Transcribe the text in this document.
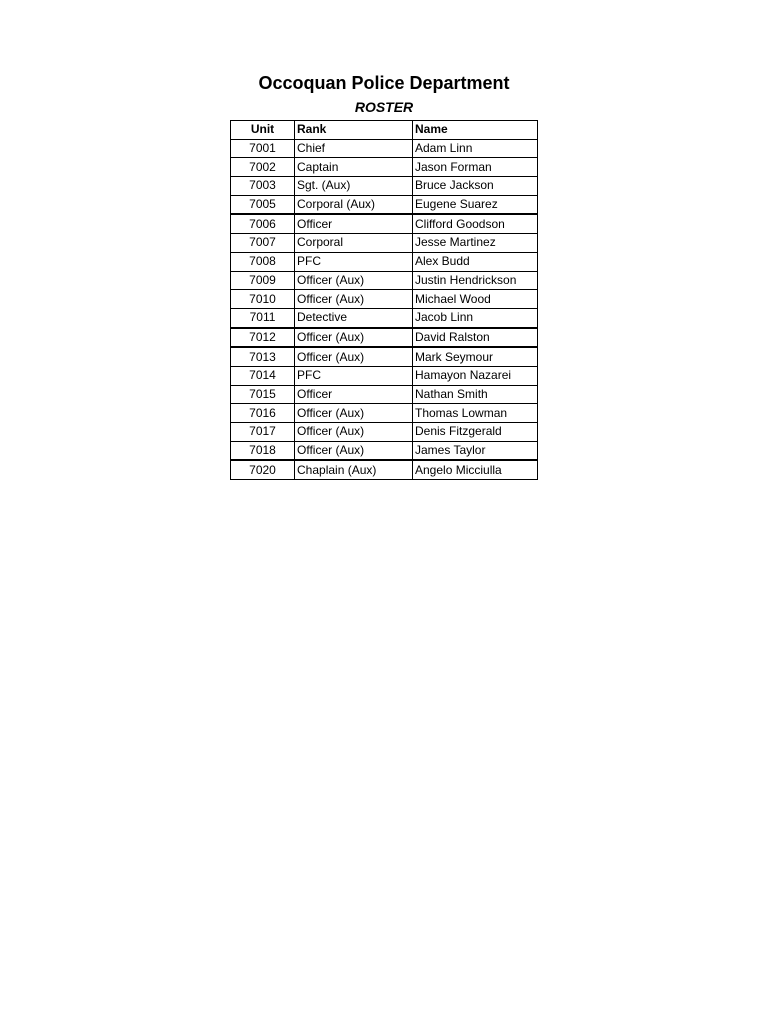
Occoquan Police Department
ROSTER
Unit	Rank	Name
7001	Chief	Adam Linn
7002	Captain	Jason Forman
7003	Sgt. (Aux)	Bruce Jackson
7005	Corporal (Aux)	Eugene Suarez
7006	Officer	Clifford Goodson
7007	Corporal	Jesse Martinez
7008	PFC	Alex Budd
7009	Officer (Aux)	Justin Hendrickson
7010	Officer (Aux)	Michael Wood
7011	Detective	Jacob Linn
7012	Officer (Aux)	David Ralston
7013	Officer (Aux)	Mark Seymour
7014	PFC	Hamayon Nazarei
7015	Officer	Nathan Smith
7016	Officer (Aux)	Thomas Lowman
7017	Officer (Aux)	Denis Fitzgerald
7018	Officer (Aux)	James Taylor
7020	Chaplain (Aux)	Angelo Micciulla
